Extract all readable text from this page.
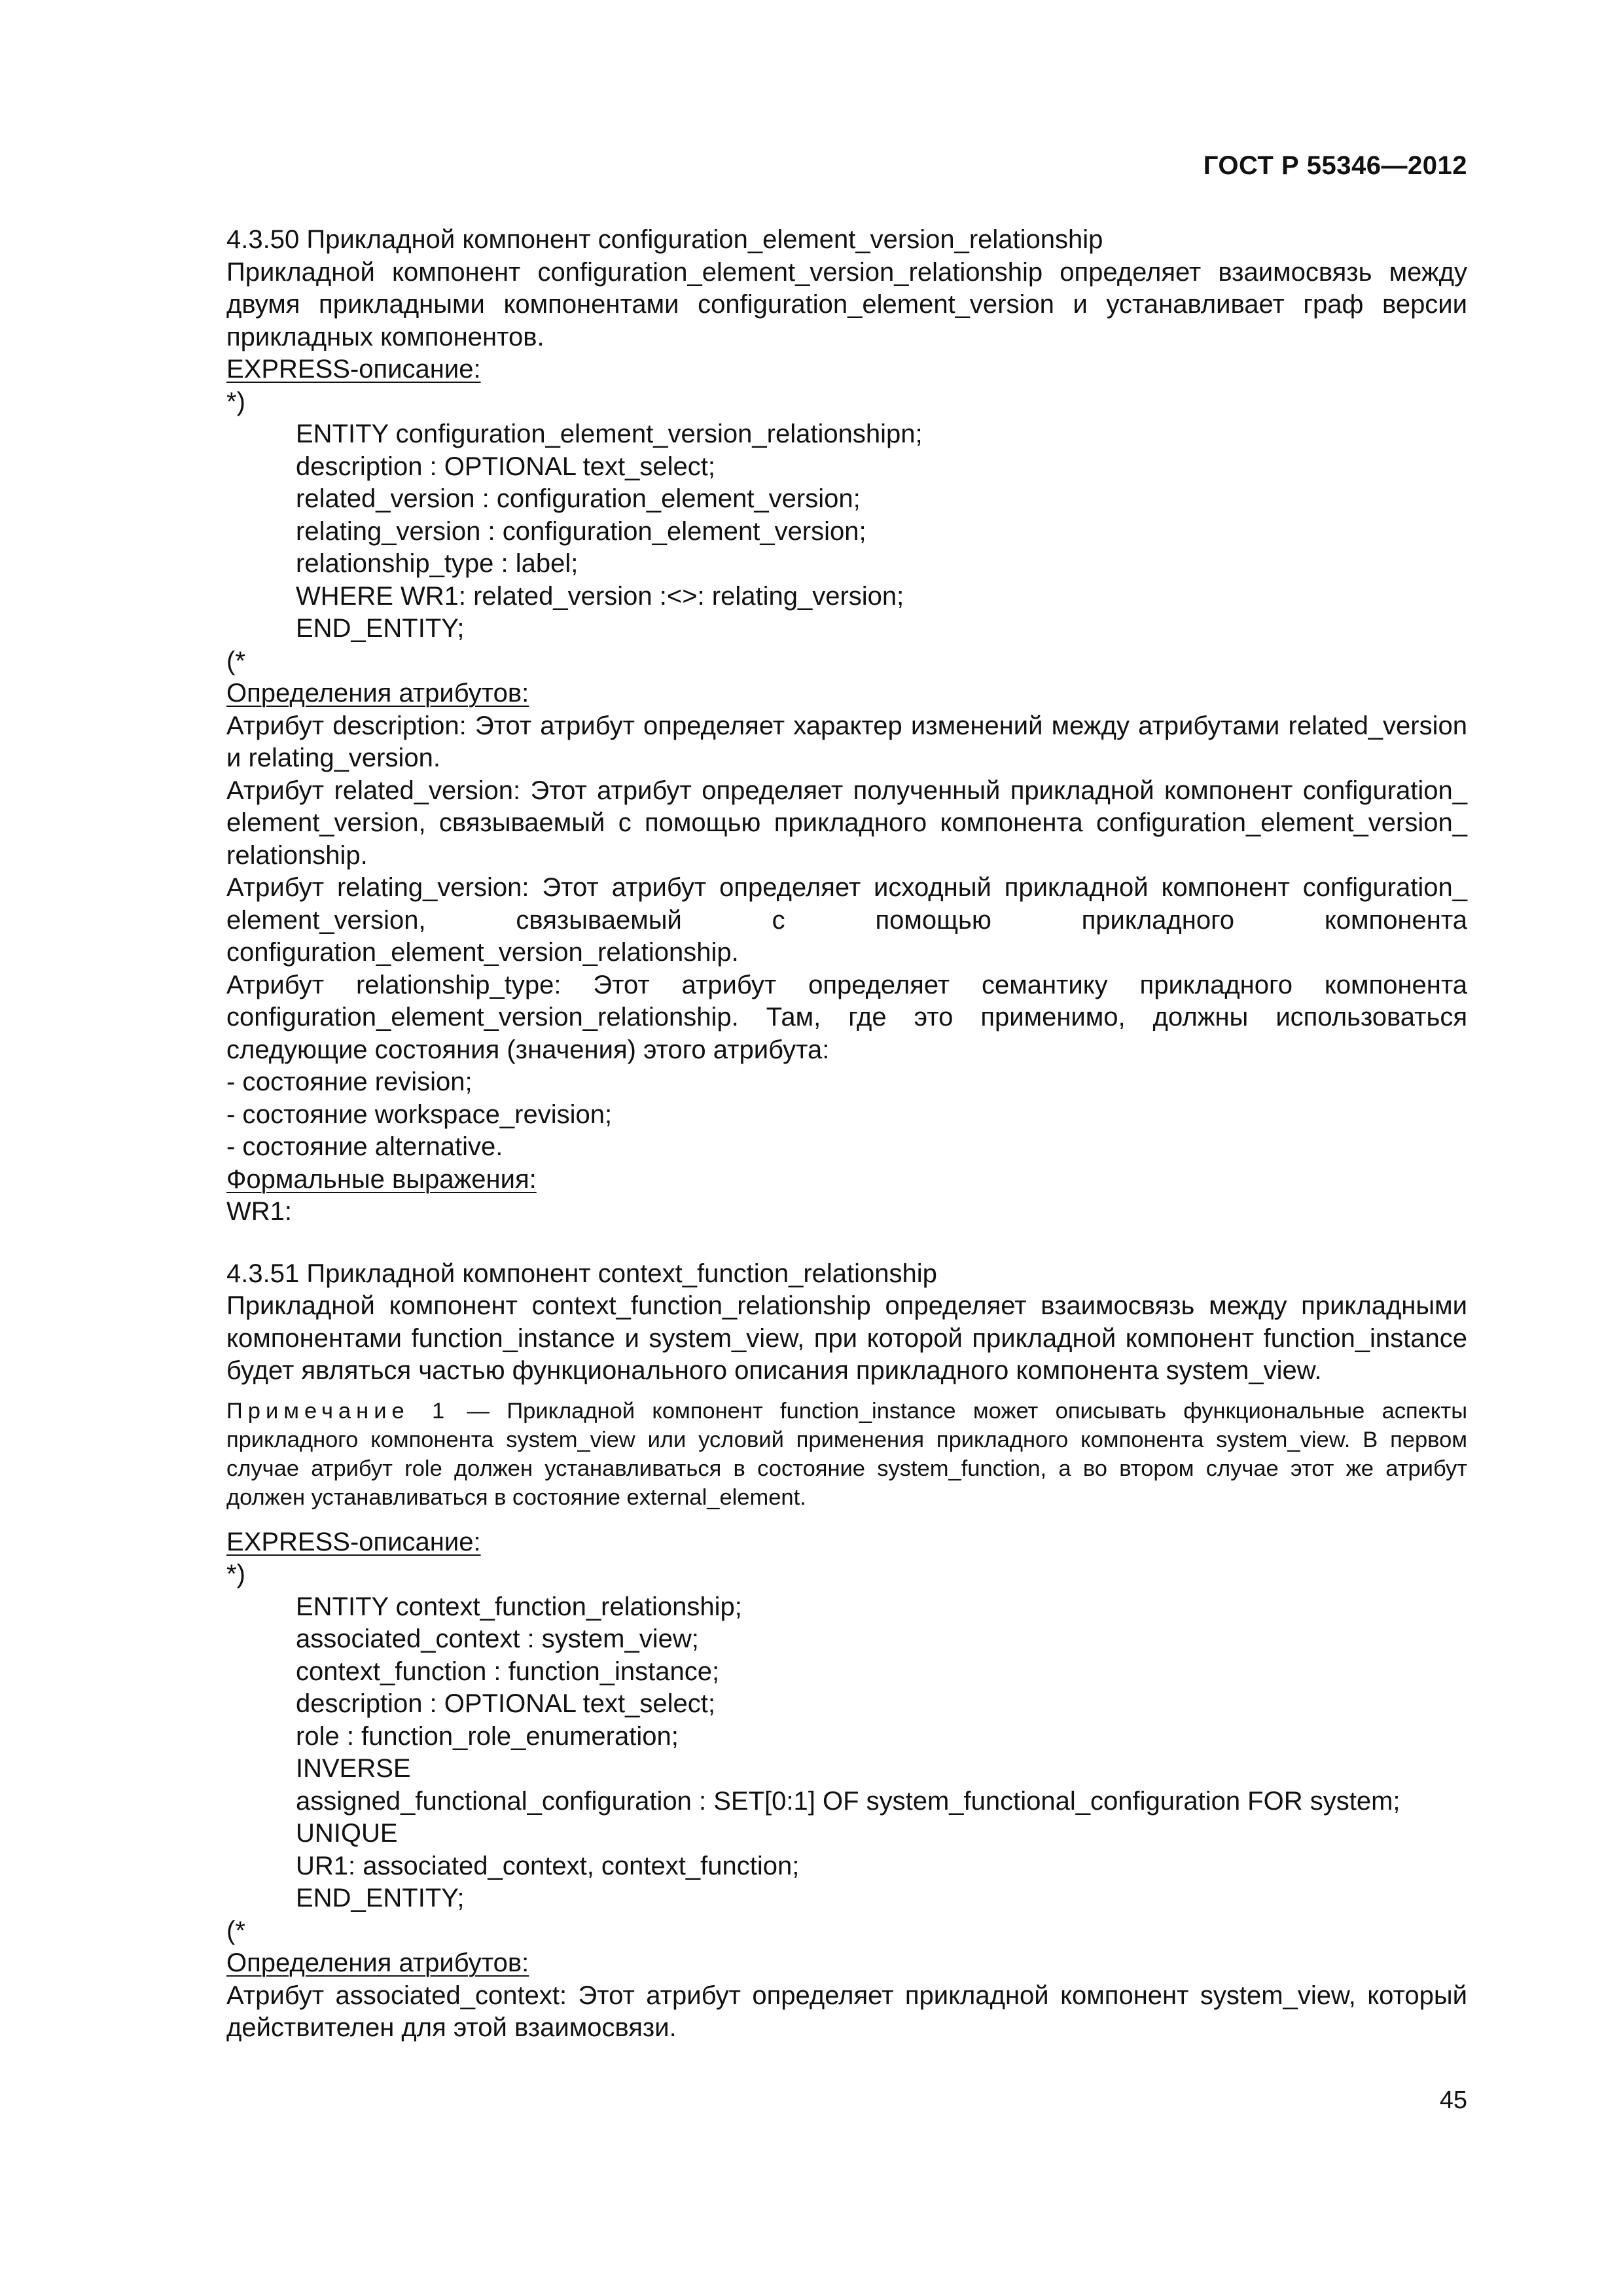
ГОСТ Р 55346—2012

4.3.50 Прикладной компонент configuration_element_version_relationship

Прикладной компонент configuration_element_version_relationship определяет взаимосвязь между двумя прикладными компонентами configuration_element_version и устанавливает граф версии прикладных компонентов.

EXPRESS-описание:

*)

ENTITY configuration_element_version_relationshipn;

description : OPTIONAL text_select;

related_version : configuration_element_version;

relating_version : configuration_element_version;

relationship_type : label;

WHERE WR1: related_version :<>: relating_version;

END_ENTITY;

(*

Определения атрибутов:

Атрибут description: Этот атрибут определяет характер изменений между атрибутами related_version и relating_version.

Атрибут related_version: Этот атрибут определяет полученный прикладной компонент configuration_ element_version, связываемый с помощью прикладного компонента configuration_element_version_ relationship.

Атрибут relating_version: Этот атрибут определяет исходный прикладной компонент configuration_ element_version, связываемый с помощью прикладного компонента configuration_element_version_relationship.

Атрибут relationship_type: Этот атрибут определяет семантику прикладного компонента configuration_element_version_relationship. Там, где это применимо, должны использоваться следующие состояния (значения) этого атрибута:

- состояние revision;

- состояние workspace_revision;

- состояние alternative.

Формальные выражения:

WR1:

4.3.51 Прикладной компонент context_function_relationship

Прикладной компонент context_function_relationship определяет взаимосвязь между прикладными компонентами function_instance и system_view, при которой прикладной компонент function_instance будет являться частью функционального описания прикладного компонента system_view.

Примечание 1 — Прикладной компонент function_instance может описывать функциональные аспекты прикладного компонента system_view или условий применения прикладного компонента system_view. В первом случае атрибут role должен устанавливаться в состояние system_function, а во втором случае этот же атрибут должен устанавливаться в состояние external_element.

EXPRESS-описание:

*)

ENTITY context_function_relationship;

associated_context : system_view;

context_function : function_instance;

description : OPTIONAL text_select;

role : function_role_enumeration;

INVERSE

assigned_functional_configuration : SET[0:1] OF system_functional_configuration FOR system;

UNIQUE

UR1: associated_context, context_function;

END_ENTITY;

(*

Определения атрибутов:

Атрибут associated_context: Этот атрибут определяет прикладной компонент system_view, который действителен для этой взаимосвязи.

45
